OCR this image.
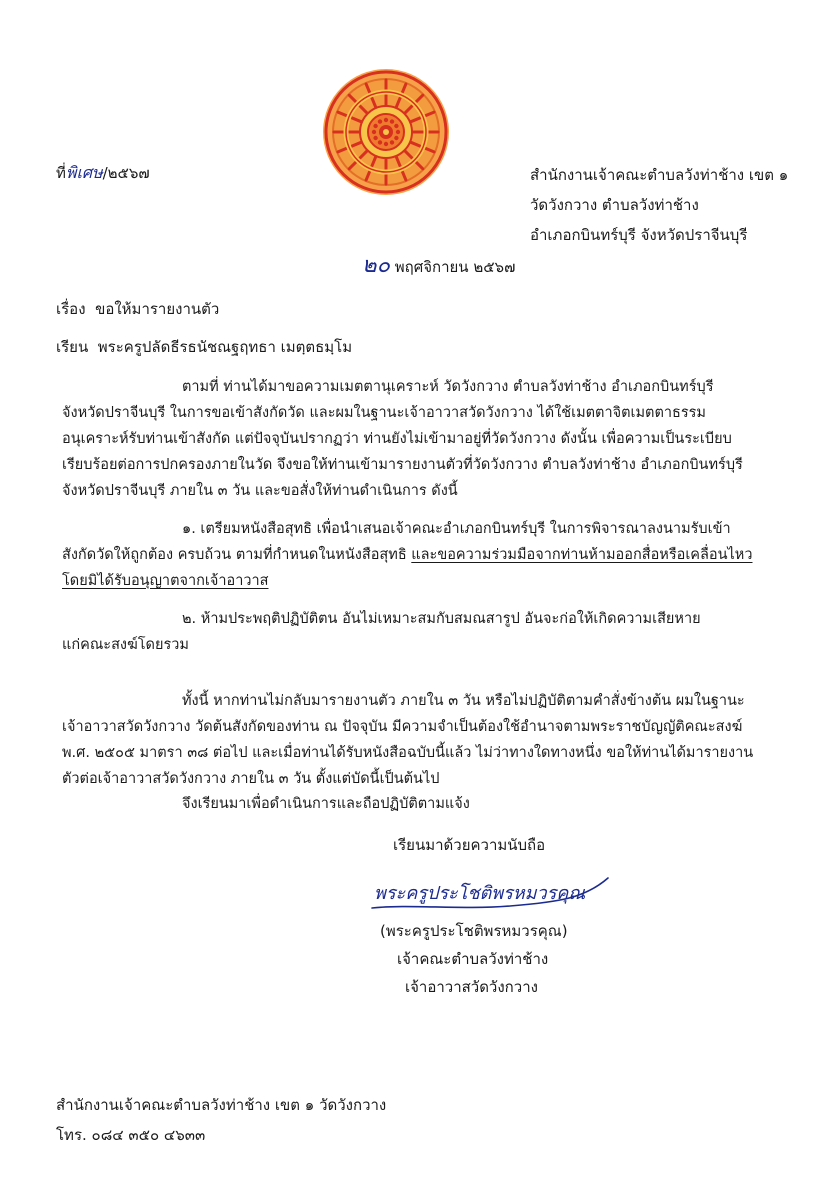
ที่พิเศษ/๒๕๖๗	สำนักงานเจ้าคณะตำบลวังท่าช้าง เขต ๑
วัดวังกวาง ตำบลวังท่าช้าง
อำเภอกบินทร์บุรี จังหวัดปราจีนบุรี
๒๐ พฤศจิกายน ๒๕๖๗
เรื่อง ขอให้มารายงานตัว
เรียน พระครูปลัดธีรธนัชณฐฤทธา เมตฺตธมฺโม
ตามที่ ท่านได้มาขอความเมตตานุเคราะห์ วัดวังกวาง ตำบลวังท่าช้าง อำเภอกบินทร์บุรี
จังหวัดปราจีนบุรี ในการขอเข้าสังกัดวัด และผมในฐานะเจ้าอาวาสวัดวังกวาง ได้ใช้เมตตาจิตเมตตาธรรม
อนุเคราะห์รับท่านเข้าสังกัด แต่ปัจจุบันปรากฏว่า ท่านยังไม่เข้ามาอยู่ที่วัดวังกวาง ดังนั้น เพื่อความเป็นระเบียบ
เรียบร้อยต่อการปกครองภายในวัด จึงขอให้ท่านเข้ามารายงานตัวที่วัดวังกวาง ตำบลวังท่าช้าง อำเภอกบินทร์บุรี
จังหวัดปราจีนบุรี ภายใน ๓ วัน และขอสั่งให้ท่านดำเนินการ ดังนี้
๑. เตรียมหนังสือสุทธิ เพื่อนำเสนอเจ้าคณะอำเภอกบินทร์บุรี ในการพิจารณาลงนามรับเข้า
สังกัดวัดให้ถูกต้อง ครบถ้วน ตามที่กำหนดในหนังสือสุทธิ และขอความร่วมมือจากท่านห้ามออกสื่อหรือเคลื่อนไหว
โดยมิได้รับอนุญาตจากเจ้าอาวาส
๒. ห้ามประพฤติปฏิบัติตน อันไม่เหมาะสมกับสมณสารูป อันจะก่อให้เกิดความเสียหาย
แก่คณะสงฆ์โดยรวม
ทั้งนี้ หากท่านไม่กลับมารายงานตัว ภายใน ๓ วัน หรือไม่ปฏิบัติตามคำสั่งข้างต้น ผมในฐานะ
เจ้าอาวาสวัดวังกวาง วัดต้นสังกัดของท่าน ณ ปัจจุบัน มีความจำเป็นต้องใช้อำนาจตามพระราชบัญญัติคณะสงฆ์
พ.ศ. ๒๕๐๕ มาตรา ๓๘ ต่อไป และเมื่อท่านได้รับหนังสือฉบับนี้แล้ว ไม่ว่าทางใดทางหนึ่ง ขอให้ท่านได้มารายงาน
ตัวต่อเจ้าอาวาสวัดวังกวาง ภายใน ๓ วัน ตั้งแต่บัดนี้เป็นต้นไป
จึงเรียนมาเพื่อดำเนินการและถือปฏิบัติตามแจ้ง
เรียนมาด้วยความนับถือ
พระครูประโชติพรหมวรคุณ
(พระครูประโชติพรหมวรคุณ)
เจ้าคณะตำบลวังท่าช้าง
เจ้าอาวาสวัดวังกวาง
สำนักงานเจ้าคณะตำบลวังท่าช้าง เขต ๑ วัดวังกวาง
โทร. ๐๘๔ ๓๕๐ ๔๖๓๓
